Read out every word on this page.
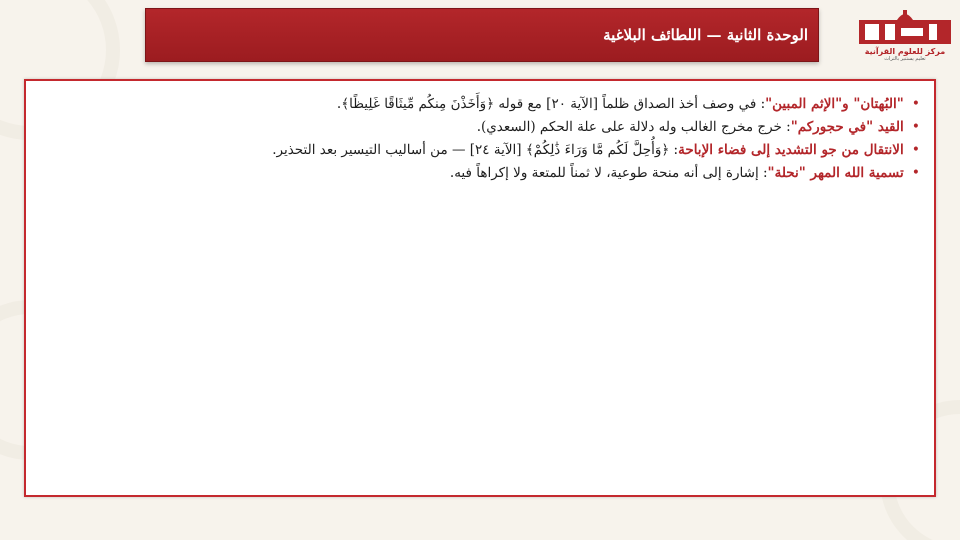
الوحدة الثانية — اللطائف البلاغية
مركز للعلوم القرآنية
تعليم يستنير بالتراث
•
"البُهتان" و"الإثم المبين": في وصف أخذ الصداق ظلماً [الآية ٢٠] مع قوله ﴿وَأَخَذْنَ مِنكُم مِّيثَاقًا غَلِيظًا﴾.
•
القيد "في حجوركم": خرج مخرج الغالب وله دلالة على علة الحكم (السعدي).
•
الانتقال من جو التشديد إلى فضاء الإباحة: ﴿وَأُحِلَّ لَكُم مَّا وَرَاءَ ذَٰلِكُمْ﴾ [الآية ٢٤] — من أساليب التيسير بعد التحذير.
•
تسمية الله المهر "نحلة": إشارة إلى أنه منحة طوعية، لا ثمناً للمتعة ولا إكراهاً فيه.
